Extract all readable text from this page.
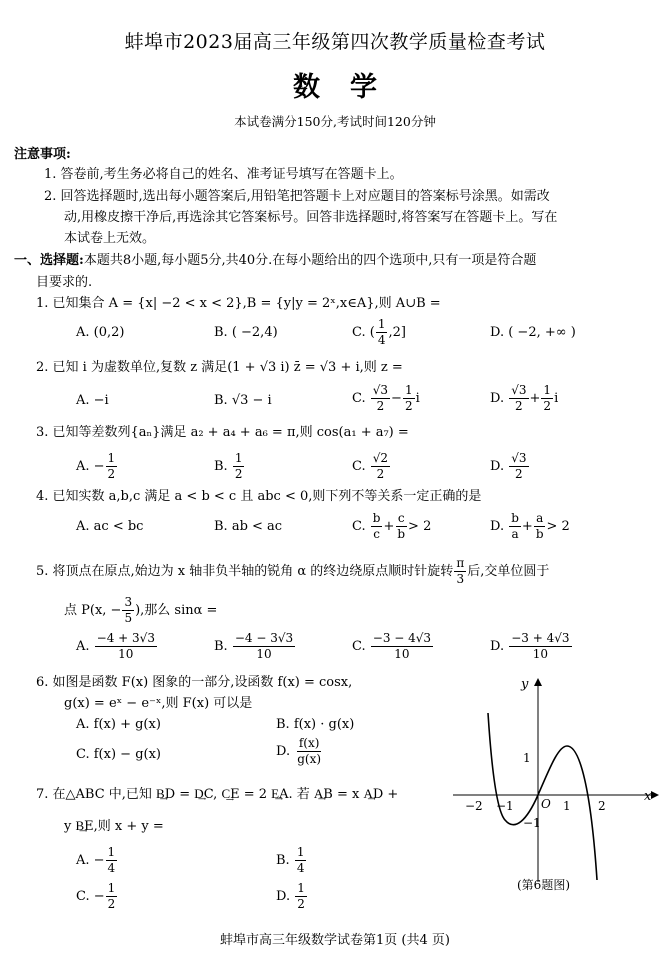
蚌埠市2023届高三年级第四次教学质量检查考试
数学
本试卷满分150分,考试时间120分钟
注意事项:
1. 答卷前,考生务必将自己的姓名、准考证号填写在答题卡上。
2. 回答选择题时,选出每小题答案后,用铅笔把答题卡上对应题目的答案标号涂黑。如需改
动,用橡皮擦干净后,再选涂其它答案标号。回答非选择题时,将答案写在答题卡上。写在
本试卷上无效。
一、选择题:本题共8小题,每小题5分,共40分.在每小题给出的四个选项中,只有一项是符合题
目要求的.
1. 已知集合 A = {x| −2 < x < 2},B = {y|y = 2ˣ,x∈A},则 A∪B =
A. (0,2)	B. ( −2,4)	C. ( $\frac{1}{4} ,2$]	D. ( −2, +∞ )
2. 已知 i 为虚数单位,复数 z 满足(1 + √3 i) z̄ = √3 + i,则 z =
A. −i	B. √3 − i	C. $\frac{√3}{2} - \frac{1}{2}$ i	D. $\frac{√3}{2} + \frac{1}{2}$ i
3. 已知等差数列{aₙ}满足 a₂ + a₄ + a₆ = π,则 cos(a₁ + a₇) =
A. − $\frac{1}{2}$	B. $\frac{1}{2}$	C. $\frac{√2}{2}$	D. $\frac{√3}{2}$
4. 已知实数 a,b,c 满足 a < b < c 且 abc < 0,则下列不等关系一定正确的是
A. ac < bc	B. ab < ac	C. $\frac{b}{c} + \frac{c}{b} > 2$	D. $\frac{b}{a} + \frac{a}{b} > 2$
5. 将顶点在原点,始边为 x 轴非负半轴的锐角 α 的终边绕原点顺时针旋转 $\frac{\pi}{3}$ 后,交单位圆于
点 P(x, − $\frac{3}{5}$ ),那么 sinα =
A. $\frac{-4 + 3√3}{10}$	B. $\frac{-4 - 3√3}{10}$	C. $\frac{-3 - 4√3}{10}$	D. $\frac{-3 + 4√3}{10}$
6. 如图是函数 F(x) 图象的一部分,设函数 f(x) = cosx,
g(x) = eˣ − e⁻ˣ,则 F(x) 可以是
A. f(x) + g(x)	B. f(x) · g(x)
C. f(x) − g(x)	D. $\frac{f(x)}{g(x)}$
x
y
O
−2 −1	1 2
1
−1
(第6题图)
7. 在△ABC 中,已知 B͢D = D͢C, C͢E = 2 E͢A. 若 A͢B = x A͢D +
y B͢E,则 x + y =
A. − $\frac{1}{4}$	B. $\frac{1}{4}$
C. − $\frac{1}{2}$	D. $\frac{1}{2}$
蚌埠市高三年级数学试卷第1页 (共4 页)
